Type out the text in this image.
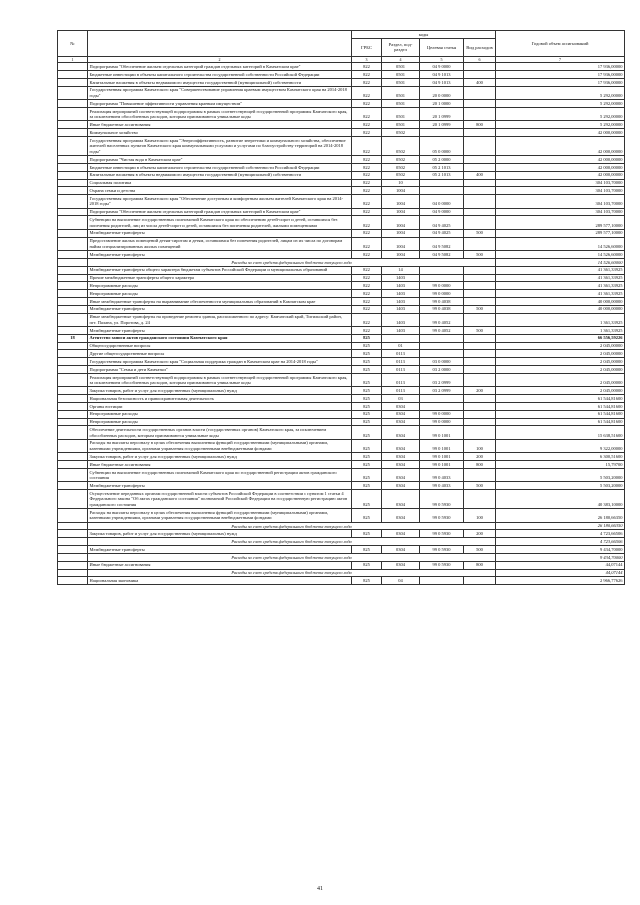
№		коды				Годовой объем ассигнований
		ГРБС	Раздел, под-раздел	Целевая статья	Вид расходов	
1	2	3	4	5	6	7
	Подпрограмма "Обеспечение жильем отдельных категорий граждан отдельных категорий в Камчатском крае"	822	0501	04 9 0000		17 936,00000
	Бюджетные инвестиции в объекты капитального строительства государственной собственности Российской Федерации	822	0501	04 9 1013		17 936,00000
	Капитальные вложения в объекты недвижимого имущества государственной (муниципальной) собственности	822	0501	04 9 1013	400	17 936,00000
	Государственная программа Камчатского края "Совершенствование управления краевым имуществом Камчатского края на 2014-2018 годы"	822	0501	20 0 0000		5 292,00000
	Подпрограмма "Повышение эффективности управления краевым имуществом"	822	0501	20 1 0000		5 292,00000
	Реализация мероприятий соответствующей подпрограммы в рамках соответствующей государственной программы Камчатского края, за исключением обособленных расходов, которым присваиваются уникальные коды	822	0501	20 1 0999		5 292,00000
	Иные бюджетные ассигнования	822	0501	20 1 0999	800	5 292,00000
	Коммунальное хозяйство	822	0502			42 000,00000
	Государственная программа Камчатского края "Энергоэффективность, развитие энергетики и коммунального хозяйства, обеспечение жителей населенных пунктов Камчатского края коммунальными услугами и услугами по благоустройству территорий на 2014-2018 годы"	822	0502	05 0 0000		42 000,00000
	Подпрограмма "Чистая вода в Камчатском крае"	822	0502	05 2 0000		42 000,00000
	Бюджетные инвестиции в объекты капитального строительства государственной собственности Российской Федерации	822	0502	05 2 1013		42 000,00000
	Капитальные вложения в объекты недвижимого имущества государственной (муниципальной) собственности	822	0502	05 2 1013	400	42 000,00000
	Социальная политика	822	10			304 103,70000
	Охрана семьи и детства	822	1004			304 103,70000
	Государственная программа Камчатского края "Обеспечение доступным и комфортным жильем жителей Камчатского края на 2014-2018 годы"	822	1004	04 0 0000		304 103,70000
	Подпрограмма "Обеспечение жильем отдельных категорий граждан отдельных категорий в Камчатском крае"	822	1004	04 9 0000		304 103,70000
	Субвенции на выполнение государственных полномочий Камчатского края по обеспечению детей-сирот и детей, оставшихся без попечения родителей, лиц из числа детей-сирот и детей, оставшихся без попечения родителей, жилыми помещениями	822	1004	04 9 4025		289 577,10000
	Межбюджетные трансферты	822	1004	04 9 4025	500	289 577,10000
	Предоставление жилых помещений детям-сиротам и детям, оставшимся без попечения родителей, лицам из их числа по договорам найма специализированных жилых помещений	822	1004	04 9 5082		14 526,60000
	Межбюджетные трансферты	822	1004	04 9 5082	500	14 526,60000
	Расходы за счет средств федерального бюджета текущего года					14 526,60000
	Межбюджетные трансферты общего характера бюджетам субъектов Российской Федерации и муниципальных образований	822	14			41 361,33925
	Прочие межбюджетные трансферты общего характера	822	1403			41 361,33925
	Непрограммные расходы	822	1403	99 0 0000		41 361,33925
	Непрограммные расходы	822	1403	99 0 0000		41 361,33925
	Иные межбюджетные трансферты на выравнивание обеспеченности муниципальных образований в Камчатском крае	822	1403	99 0 4038		40 000,00000
	Межбюджетные трансферты	822	1403	99 0 4038	500	40 000,00000
	Иные межбюджетные трансферты на проведение ремонта здания, расположенного по адресу: Камчатский край, Тигильский район, пгт. Палана, ул. Поротова, д. 24	822	1403	99 0 4052		1 361,33925
	Межбюджетные трансферты	822	1403	99 0 4052	500	1 361,33925
18	Агентство записи актов гражданского состояния Камчатского края	825				66 556,59226
	Общегосударственные вопросы	825	01			2 045,00000
	Другие общегосударственные вопросы	825	0113			2 045,00000
	Государственная программа Камчатского края "Социальная поддержка граждан в Камчатском крае на 2014-2018 годы"	825	0113	03 0 0000		2 045,00000
	Подпрограмма "Семья и дети Камчатки"	825	0113	03 2 0000		2 045,00000
	Реализация мероприятий соответствующей подпрограммы в рамках соответствующей государственной программы Камчатского края, за исключением обособленных расходов, которым присваиваются уникальные коды	825	0113	03 2 0999		2 045,00000
	Закупка товаров, работ и услуг для государственных (муниципальных) нужд	825	0113	03 2 0999	200	2 045,00000
	Национальная безопасность и правоохранительная деятельность	825	03			61 544,81600
	Органы юстиции	825	0304			61 544,81600
	Непрограммные расходы	825	0304	99 0 0000		61 544,81600
	Непрограммные расходы	825	0304	99 0 0000		61 544,81600
	Обеспечение деятельности государственных органов власти (государственных органов) Камчатского края, за исключением обособленных расходов, которым присваиваются уникальные коды	825	0304	99 0 1001		15 638,51600
	Расходы на выплаты персоналу в целях обеспечения выполнения функций государственными (муниципальными) органами, казенными учреждениями, органами управления государственными внебюджетными фондами	825	0304	99 0 1001	100	9 322,00000
	Закупка товаров, работ и услуг для государственных (муниципальных) нужд	825	0304	99 0 1001	200	6 300,51600
	Иные бюджетные ассигнования	825	0304	99 0 1001	800	15,79700
	Субвенции на выполнение государственных полномочий Камчатского края по государственной регистрации актов гражданского состояния	825	0304	99 0 4033		5 503,20000
	Межбюджетные трансферты	825	0304	99 0 4033	500	5 503,20000
	Осуществление переданных органам государственной власти субъектов Российской Федерации в соответствии с пунктом 1 статьи 4 Федерального закона "Об актах гражданского состояния" полномочий Российской Федерации на государственную регистрацию актов гражданского состояния	825	0304	99 0 5930		40 383,10000
	Расходы на выплаты персоналу в целях обеспечения выполнения функций государственными (муниципальными) органами, казенными учреждениями, органами управления государственными внебюджетными фондами	825	0304	99 0 5930	100	26 180,66350
	Расходы за счет средств федерального бюджета текущего года					26 180,66350
	Закупка товаров, работ и услуг для государственных (муниципальных) нужд	825	0304	99 0 5930	200	4 723,66506
	Расходы за счет средств федерального бюджета текущего года					4 723,66506
	Межбюджетные трансферты	825	0304	99 0 5930	500	9 434,70000
	Расходы за счет средств федерального бюджета текущего года					9 434,70000
	Иные бюджетные ассигнования	825	0304	99 0 5930	800	44,07144
	Расходы за счет средств федерального бюджета текущего года					44,07144
	Национальная экономика	825	04			2 966,77626
41
